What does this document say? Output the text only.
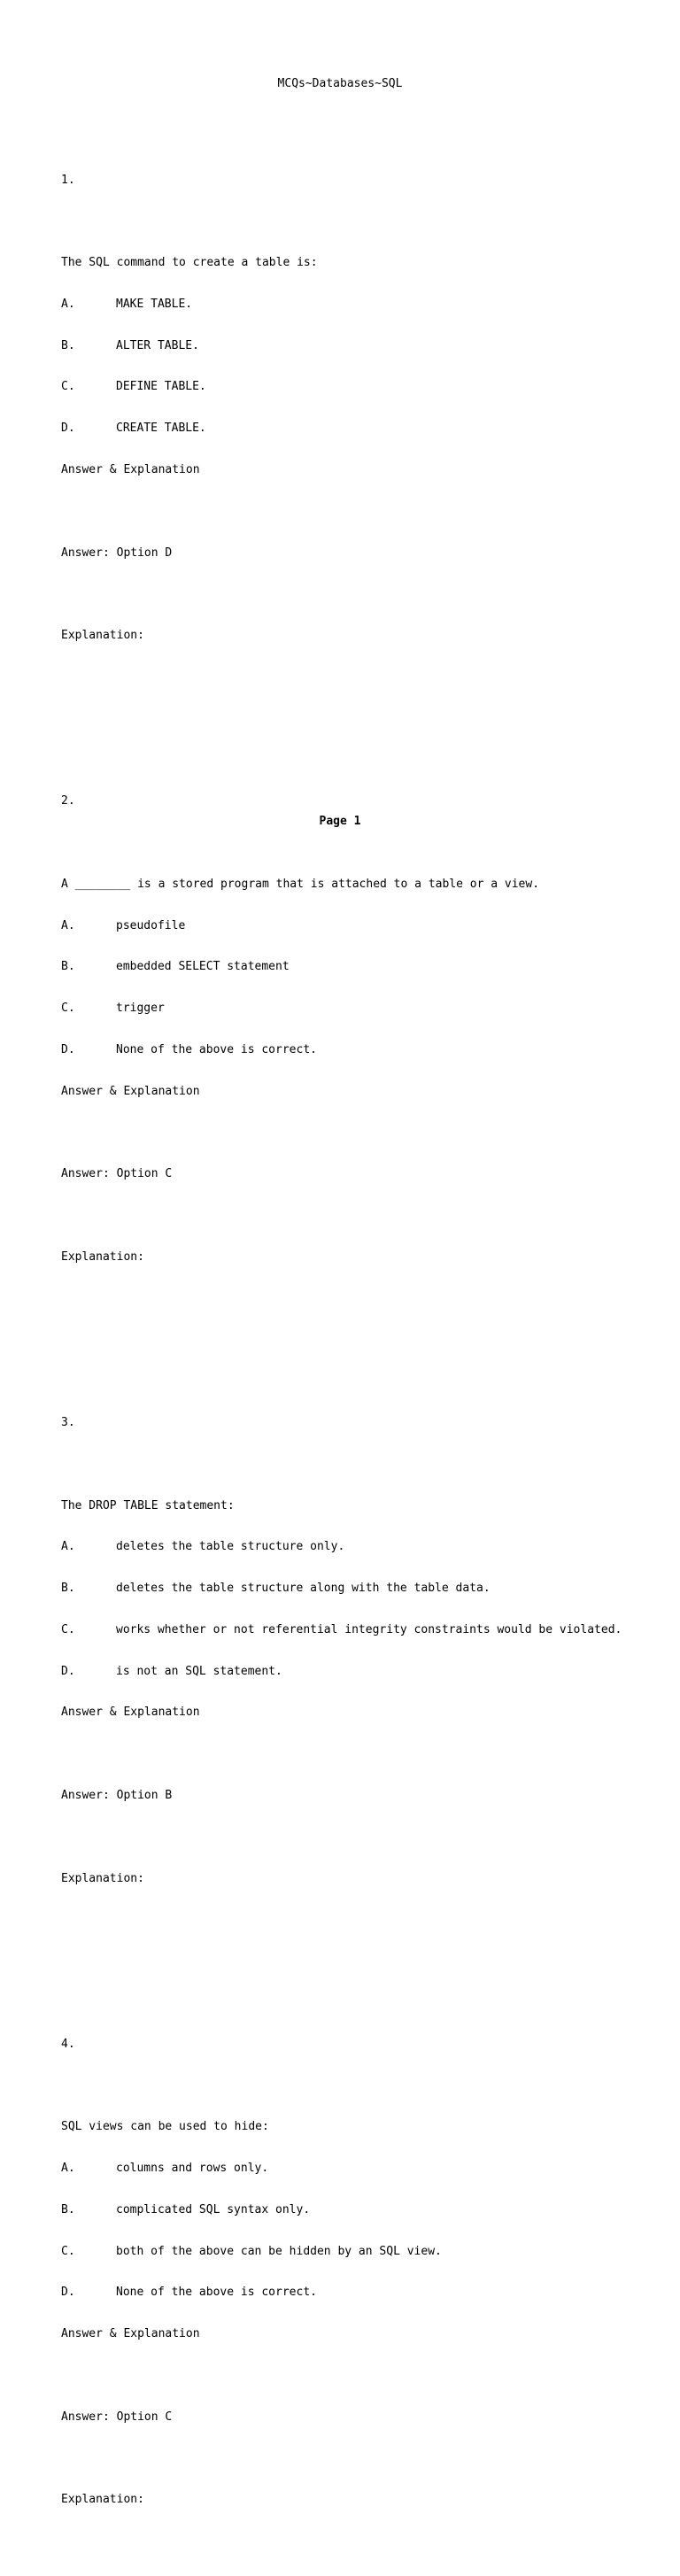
MCQs~Databases~SQL

1.

The SQL command to create a table is:

A.	MAKE TABLE.

B.	ALTER TABLE.

C.	DEFINE TABLE.

D.	CREATE TABLE.

Answer & Explanation

Answer: Option D

Explanation:

2.

A ________ is a stored program that is attached to a table or a view.

A.	pseudofile

B.	embedded SELECT statement

C.	trigger

D.	None of the above is correct.

Answer & Explanation

Answer: Option C

Explanation:

3.

The DROP TABLE statement:

A.	deletes the table structure only.

B.	deletes the table structure along with the table data.

C.	works whether or not referential integrity constraints would be violated.

D.	is not an SQL statement.

Answer & Explanation

Answer: Option B

Explanation:

4.

SQL views can be used to hide:

A.	columns and rows only.

B.	complicated SQL syntax only.

C.	both of the above can be hidden by an SQL view.

D.	None of the above is correct.

Answer & Explanation

Answer: Option C

Explanation:

Page 1
